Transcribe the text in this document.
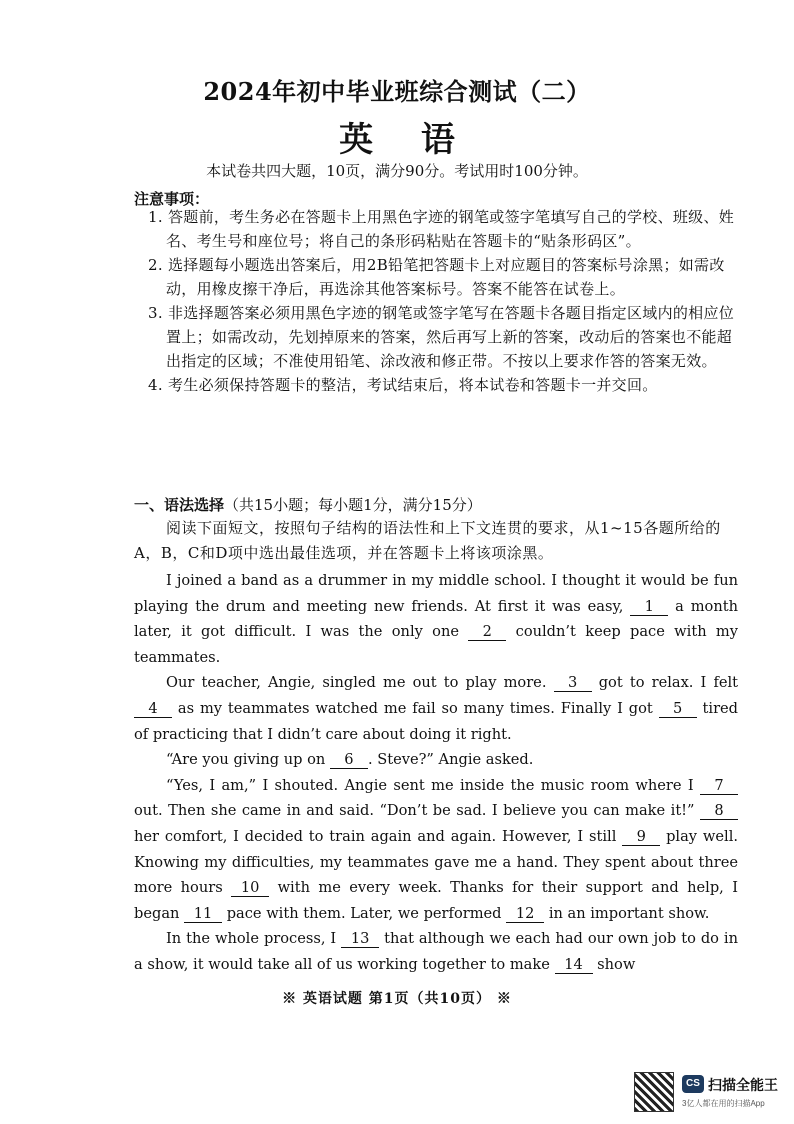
2024年初中毕业班综合测试（二）
英 语
本试卷共四大题，10页，满分90分。考试用时100分钟。
注意事项：
1. 答题前，考生务必在答题卡上用黑色字迹的钢笔或签字笔填写自己的学校、班级、姓名、考生号和座位号；将自己的条形码粘贴在答题卡的“贴条形码区”。
2. 选择题每小题选出答案后，用2B铅笔把答题卡上对应题目的答案标号涂黑；如需改动，用橡皮擦干净后，再选涂其他答案标号。答案不能答在试卷上。
3. 非选择题答案必须用黑色字迹的钢笔或签字笔写在答题卡各题目指定区域内的相应位置上；如需改动，先划掉原来的答案，然后再写上新的答案，改动后的答案也不能超出指定的区域；不准使用铅笔、涂改液和修正带。不按以上要求作答的答案无效。
4. 考生必须保持答题卡的整洁，考试结束后，将本试卷和答题卡一并交回。
一、语法选择（共15小题；每小题1分，满分15分）

阅读下面短文，按照句子结构的语法性和上下文连贯的要求，从1~15各题所给的A，B，C和D项中选出最佳选项，并在答题卡上将该项涂黑。

I joined a band as a drummer in my middle school. I thought it would be fun playing the drum and meeting new friends. At first it was easy, 1 a month later, it got difficult. I was the only one 2 couldn’t keep pace with my teammates.

Our teacher, Angie, singled me out to play more. 3 got to relax. I felt 4 as my teammates watched me fail so many times. Finally I got 5 tired of practicing that I didn’t care about doing it right.

“Are you giving up on 6 . Steve?” Angie asked.

“Yes, I am,” I shouted. Angie sent me inside the music room where I 7 out. Then she came in and said. “Don’t be sad. I believe you can make it!” 8 her comfort, I decided to train again and again. However, I still 9 play well. Knowing my difficulties, my teammates gave me a hand. They spent about three more hours 10 with me every week. Thanks for their support and help, I began 11 pace with them. Later, we performed 12 in an important show.

In the whole process, I 13 that although we each had our own job to do in a show, it would take all of us working together to make 14 show

※ 英语试题 第1页（共10页） ※
CS 扫描全能王
3亿人都在用的扫描App
